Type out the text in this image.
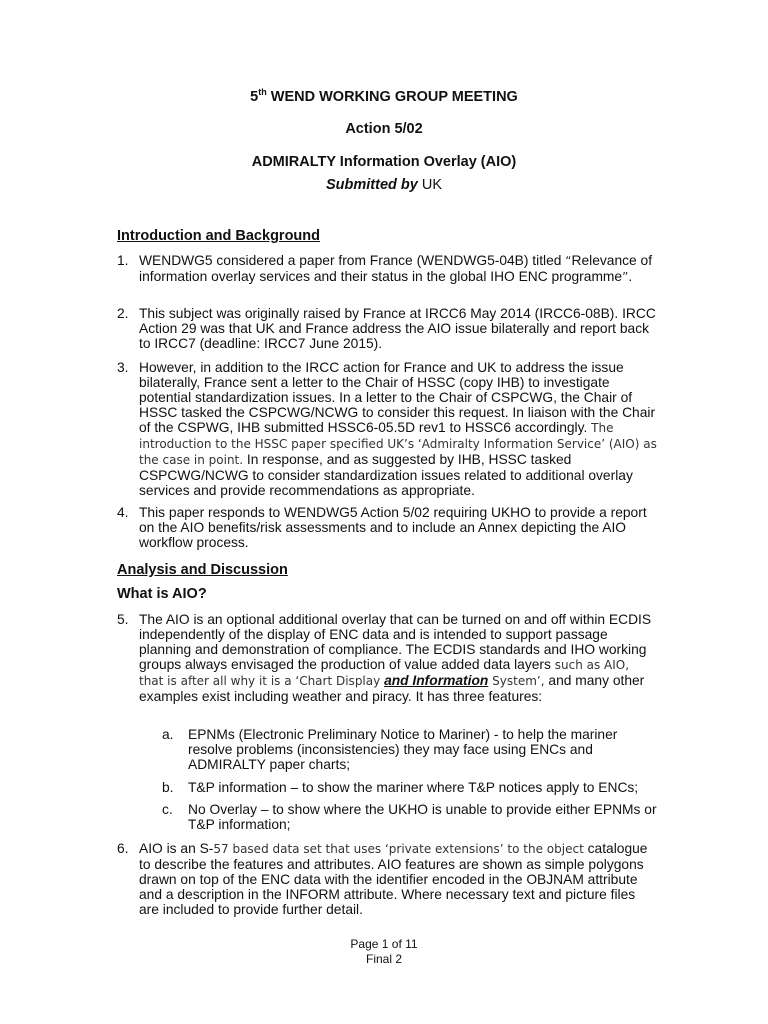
5th WEND WORKING GROUP MEETING
Action 5/02
ADMIRALTY Information Overlay (AIO)
Submitted by UK
Introduction and Background
1. WENDWG5 considered a paper from France (WENDWG5-04B) titled “Relevance of information overlay services and their status in the global IHO ENC programme”.
2. This subject was originally raised by France at IRCC6 May 2014 (IRCC6-08B). IRCC Action 29 was that UK and France address the AIO issue bilaterally and report back to IRCC7 (deadline: IRCC7 June 2015).
3. However, in addition to the IRCC action for France and UK to address the issue bilaterally, France sent a letter to the Chair of HSSC (copy IHB) to investigate potential standardization issues. In a letter to the Chair of CSPCWG, the Chair of HSSC tasked the CSPCWG/NCWG to consider this request. In liaison with the Chair of the CSPWG, IHB submitted HSSC6-05.5D rev1 to HSSC6 accordingly. The introduction to the HSSC paper specified UK’s ‘Admiralty Information Service’ (AIO) as the case in point. In response, and as suggested by IHB, HSSC tasked CSPCWG/NCWG to consider standardization issues related to additional overlay services and provide recommendations as appropriate.
4. This paper responds to WENDWG5 Action 5/02 requiring UKHO to provide a report on the AIO benefits/risk assessments and to include an Annex depicting the AIO workflow process.
Analysis and Discussion
What is AIO?
5. The AIO is an optional additional overlay that can be turned on and off within ECDIS independently of the display of ENC data and is intended to support passage planning and demonstration of compliance. The ECDIS standards and IHO working groups always envisaged the production of value added data layers such as AIO, that is after all why it is a ‘Chart Display and Information System’, and many other examples exist including weather and piracy. It has three features:
a. EPNMs (Electronic Preliminary Notice to Mariner) - to help the mariner resolve problems (inconsistencies) they may face using ENCs and ADMIRALTY paper charts;
b. T&P information – to show the mariner where T&P notices apply to ENCs;
c. No Overlay – to show where the UKHO is unable to provide either EPNMs or T&P information;
6. AIO is an S-57 based data set that uses ‘private extensions’ to the object catalogue to describe the features and attributes. AIO features are shown as simple polygons drawn on top of the ENC data with the identifier encoded in the OBJNAM attribute and a description in the INFORM attribute. Where necessary text and picture files are included to provide further detail.
Page 1 of 11
Final 2
